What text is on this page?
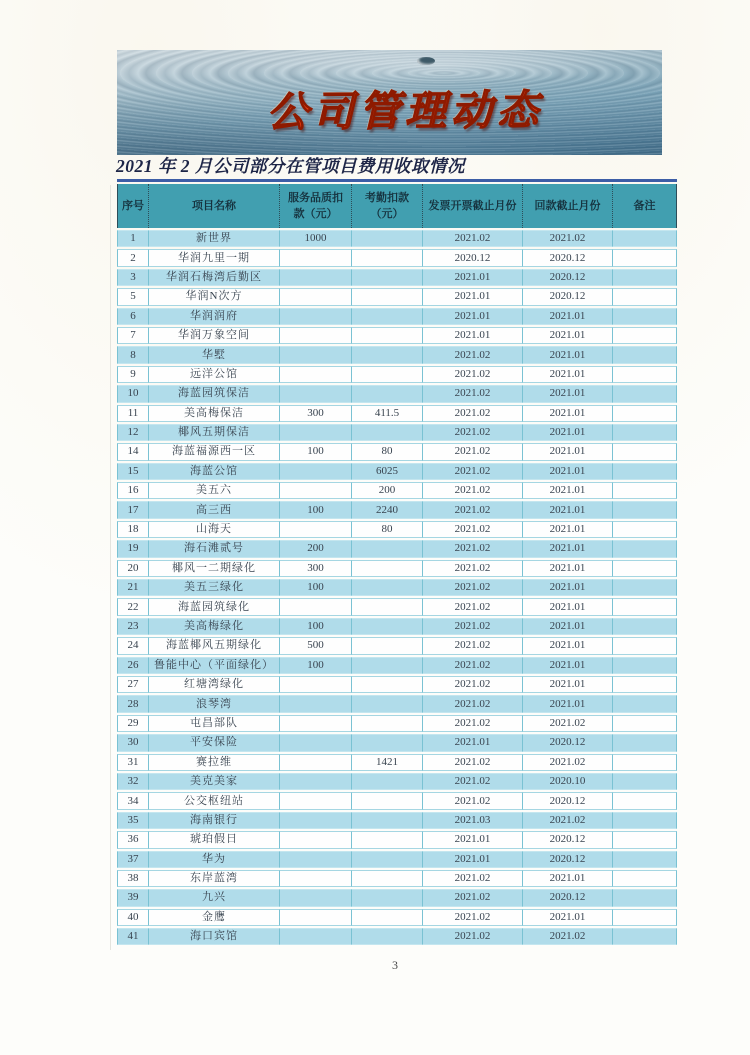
公司管理动态
2021 年 2 月公司部分在管项目费用收取情况
序号	项目名称	服务品质扣款（元）	考勤扣款（元）	发票开票截止月份	回款截止月份	备注
1	新世界	1000		2021.02	2021.02	
2	华润九里一期			2020.12	2020.12	
3	华润石梅湾后勤区			2021.01	2020.12	
5	华润N次方			2021.01	2020.12	
6	华润润府			2021.01	2021.01	
7	华润万象空间			2021.01	2021.01	
8	华墅			2021.02	2021.01	
9	远洋公馆			2021.02	2021.01	
10	海蓝园筑保洁			2021.02	2021.01	
11	美高梅保洁	300	411.5	2021.02	2021.01	
12	椰风五期保洁			2021.02	2021.01	
14	海蓝福源西一区	100	80	2021.02	2021.01	
15	海蓝公馆		6025	2021.02	2021.01	
16	美五六		200	2021.02	2021.01	
17	高三西	100	2240	2021.02	2021.01	
18	山海天		80	2021.02	2021.01	
19	海石滩贰号	200		2021.02	2021.01	
20	椰风一二期绿化	300		2021.02	2021.01	
21	美五三绿化	100		2021.02	2021.01	
22	海蓝园筑绿化			2021.02	2021.01	
23	美高梅绿化	100		2021.02	2021.01	
24	海蓝椰风五期绿化	500		2021.02	2021.01	
26	鲁能中心（平面绿化）	100		2021.02	2021.01	
27	红塘湾绿化			2021.02	2021.01	
28	浪琴湾			2021.02	2021.01	
29	屯昌部队			2021.02	2021.02	
30	平安保险			2021.01	2020.12	
31	赛拉维		1421	2021.02	2021.02	
32	美克美家			2021.02	2020.10	
34	公交枢纽站			2021.02	2020.12	
35	海南银行			2021.03	2021.02	
36	琥珀假日			2021.01	2020.12	
37	华为			2021.01	2020.12	
38	东岸蓝湾			2021.02	2021.01	
39	九兴			2021.02	2020.12	
40	金鹰			2021.02	2021.01	
41	海口宾馆			2021.02	2021.02	
3
